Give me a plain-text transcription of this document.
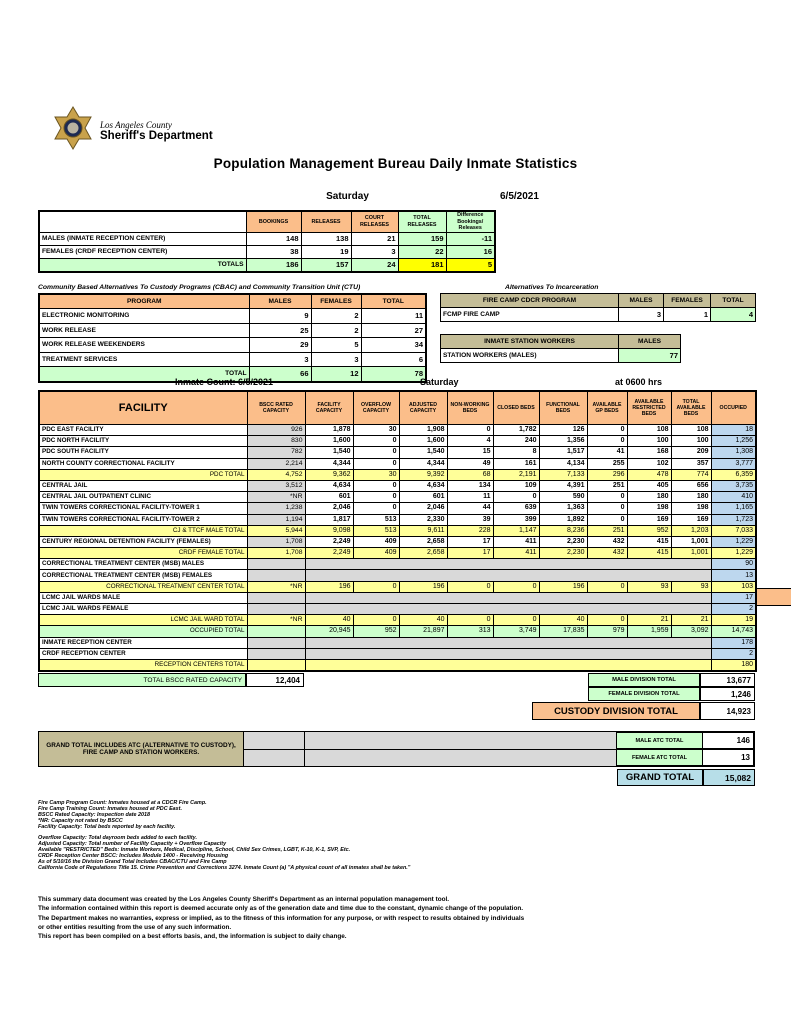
Los Angeles County
Sheriff's Department
Population Management Bureau Daily Inmate Statistics
Saturday	6/5/2021
BOOKINGS	RELEASES	COURT RELEASES	TOTAL RELEASES	Difference Bookings/ Releases
MALES (INMATE RECEPTION CENTER)	148	138	21	159	-11
FEMALES (CRDF RECEPTION CENTER)	38	19	3	22	16
TOTALS	186	157	24	181	5
Community Based Alternatives To Custody Programs (CBAC) and Community Transition Unit (CTU)
PROGRAM	MALES	FEMALES	TOTAL
ELECTRONIC MONITORING	9	2	11
WORK RELEASE	25	2	27
WORK RELEASE WEEKENDERS	29	5	34
TREATMENT SERVICES	3	3	6
TOTAL	66	12	78
Alternatives To Incarceration
FIRE CAMP CDCR PROGRAM	MALES	FEMALES	TOTAL
FCMP FIRE CAMP	3	1	4
INMATE STATION WORKERS	MALES
STATION WORKERS (MALES)	77
Inmate Count: 6/5/2021	Saturday	at 0600 hrs
FACILITY	BSCC RATED CAPACITY	FACILITY CAPACITY	OVERFLOW CAPACITY	ADJUSTED CAPACITY	NON-WORKING BEDS	CLOSED BEDS	FUNCTIONAL BEDS	AVAILABLE GP BEDS	AVAILABLE RESTRICTED BEDS	TOTAL AVAILABLE BEDS	OCCUPIED
PDC EAST FACILITY	926	1,878	30	1,908	0	1,782	126	0	108	108	18
PDC NORTH FACILITY	830	1,600	0	1,600	4	240	1,356	0	100	100	1,256
PDC SOUTH FACILITY	782	1,540	0	1,540	15	8	1,517	41	168	209	1,308
NORTH COUNTY CORRECTIONAL FACILITY	2,214	4,344	0	4,344	49	161	4,134	255	102	357	3,777
PDC TOTAL	4,752	9,362	30	9,392	68	2,191	7,133	296	478	774	6,359
CENTRAL JAIL	3,512	4,634	0	4,634	134	109	4,391	251	405	656	3,735
CENTRAL JAIL OUTPATIENT CLINIC	*NR	601	0	601	11	0	590	0	180	180	410
TWIN TOWERS CORRECTIONAL FACILITY-TOWER 1	1,238	2,046	0	2,046	44	639	1,363	0	198	198	1,165
TWIN TOWERS CORRECTIONAL FACILITY-TOWER 2	1,194	1,817	513	2,330	39	399	1,892	0	169	169	1,723
CJ & TTCF MALE TOTAL	5,944	9,098	513	9,611	228	1,147	8,236	251	952	1,203	7,033
CENTURY REGIONAL DETENTION FACILITY (FEMALES)	1,708	2,249	409	2,658	17	411	2,230	432	415	1,001	1,229
CRDF FEMALE TOTAL	1,708	2,249	409	2,658	17	411	2,230	432	415	1,001	1,229
CORRECTIONAL TREATMENT CENTER (MSB) MALES											90
CORRECTIONAL TREATMENT CENTER (MSB) FEMALES											13
CORRECTIONAL TREATMENT CENTER TOTAL	*NR	196	0	196	0	0	196	0	93	93	103
LCMC JAIL WARDS MALE											17
LCMC JAIL WARDS FEMALE											2
LCMC JAIL WARD TOTAL	*NR	40	0	40	0	0	40	0	21	21	19
OCCUPIED TOTAL		20,945	952	21,897	313	3,749	17,835	979	1,959	3,092	14,743
INMATE RECEPTION CENTER											178
CRDF RECEPTION CENTER											2
RECEPTION CENTERS TOTAL											180
TOTAL BSCC RATED CAPACITY	12,404	MALE DIVISION TOTAL	13,677
FEMALE DIVISION TOTAL	1,246
CUSTODY DIVISION TOTAL	14,923
GRAND TOTAL INCLUDES ATC (ALTERNATIVE TO CUSTODY), FIRE CAMP AND STATION WORKERS.
MALE ATC TOTAL	146
FEMALE ATC TOTAL	13
GRAND TOTAL	15,082
Fire Camp Program Count: Inmates housed at a CDCR Fire Camp.
Fire Camp Training Count: Inmates housed at PDC East.
BSCC Rated Capacity: Inspection date 2018
*NR: Capacity not rated by BSCC
Facility Capacity: Total beds reported by each facility.
Overflow Capacity: Total dayroom beds added to each facility.
Adjusted Capacity: Total number of Facility Capacity + Overflow Capacity
Available "RESTRICTED" Beds: Inmate Workers, Medical, Discipline, School, Child Sex Crimes, LGBT, K-10, K-1, SVP, Etc.
CRDF Reception Center BSCC: Includes Module 1400 - Receiving Housing
As of 5/10/16 the Division Grand Total Includes CBAC/CTU and Fire Camp
California Code of Regulations Title 15. Crime Prevention and Corrections 3274. Inmate Count (a) "A physical count of all inmates shall be taken."
This summary data document was created by the Los Angeles County Sheriff's Department as an internal population management tool.
The information contained within this report is deemed accurate only as of the generation date and time due to the constant, dynamic change of the population.
The Department makes no warranties, express or implied, as to the fitness of this information for any purpose, or with respect to results obtained by individuals
or other entities resulting from the use of any such information.
This report has been compiled on a best efforts basis, and, the information is subject to daily change.
